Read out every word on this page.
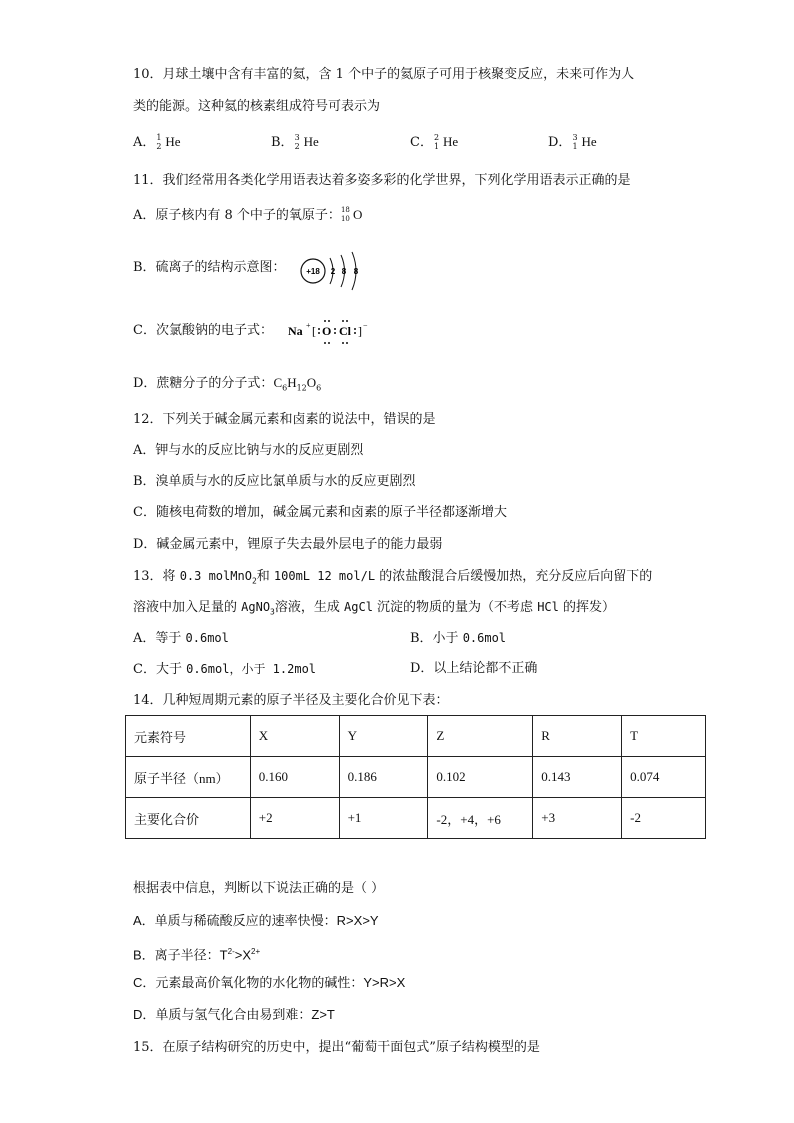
10．月球土壤中含有丰富的氦，含 1 个中子的氦原子可用于核聚变反应，未来可作为人
类的能源。这种氦的核素组成符号可表示为
A． 1
2 He	B． 3
2 He	C． 2
1 He	D． 3
1 He
11．我们经常用各类化学用语表达着多姿多彩的化学世界，下列化学用语表示正确的是
A．原子核内有 8 个中子的氧原子： 18
10 O
B．硫离子的结构示意图：	+18 2 8 8
C．次氯酸钠的电子式： Na + [ O Cl ] −
D．蔗糖分子的分子式：$C_6H_{12}O_6$
12．下列关于碱金属元素和卤素的说法中，错误的是
A．钾与水的反应比钠与水的反应更剧烈
B．溴单质与水的反应比氯单质与水的反应更剧烈
C．随核电荷数的增加，碱金属元素和卤素的原子半径都逐渐增大
D．碱金属元素中，锂原子失去最外层电子的能力最弱
13．将 0.3 molMnO$_2$和 100mL 12 mol/L 的浓盐酸混合后缓慢加热，充分反应后向留下的
溶液中加入足量的 AgNO$_3$溶液，生成 AgCl 沉淀的物质的量为（不考虑 HCl 的挥发）
A．等于 0.6mol	B．小于 0.6mol
C．大于 0.6mol，小于 1.2mol	D．以上结论都不正确
14．几种短周期元素的原子半径及主要化合价见下表：
元素符号	X	Y	Z	R	T
原子半径（nm）	0.160	0.186	0.102	0.143	0.074
主要化合价	+2	+1	-2，+4，+6	+3	-2
根据表中信息，判断以下说法正确的是（ ）
A．单质与稀硫酸反应的速率快慢：R>X>Y
B．离子半径：$T^{2-}>X^{2+}$
C．元素最高价氧化物的水化物的碱性：Y>R>X
D．单质与氢气化合由易到难：Z>T
15．在原子结构研究的历史中，提出“葡萄干面包式”原子结构模型的是
